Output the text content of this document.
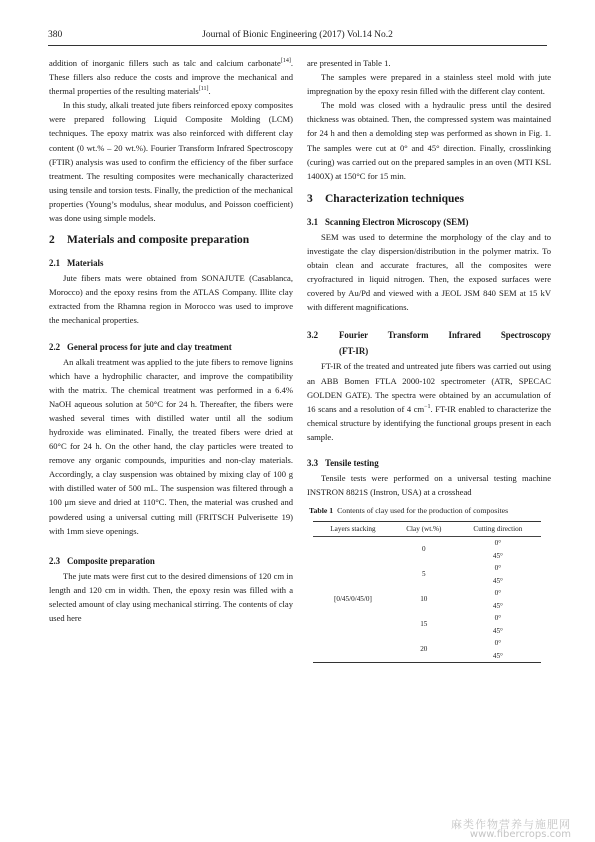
380	Journal of Bionic Engineering (2017) Vol.14 No.2

addition of inorganic fillers such as talc and calcium carbonate[14]. These fillers also reduce the costs and improve the mechanical and thermal properties of the resulting materials[11].

In this study, alkali treated jute fibers reinforced epoxy composites were prepared following Liquid Composite Molding (LCM) techniques. The epoxy matrix was also reinforced with different clay content (0 wt.% – 20 wt.%). Fourier Transform Infrared Spectroscopy (FTIR) analysis was used to confirm the efficiency of the fiber surface treatment. The resulting composites were mechanically characterized using tensile and torsion tests. Finally, the prediction of the mechanical properties (Young’s modulus, shear modulus, and Poisson coefficient) was done using simple models.

2 Materials and composite preparation
2.1 Materials

Jute fibers mats were obtained from SONAJUTE (Casablanca, Morocco) and the epoxy resins from the ATLAS Company. Illite clay extracted from the Rhamna region in Morocco was used to improve the mechanical properties.

2.2 General process for jute and clay treatment

An alkali treatment was applied to the jute fibers to remove lignins which have a hydrophilic character, and improve the compatibility with the matrix. The chemical treatment was performed in a 6.4% NaOH aqueous solution at 50°C for 24 h. Thereafter, the fibers were washed several times with distilled water until all the sodium hydroxide was eliminated. Finally, the treated fibers were dried at 60°C for 24 h. On the other hand, the clay particles were treated to remove any organic compounds, impurities and non-clay materials. Accordingly, a clay suspension was obtained by mixing clay of 100 g with distilled water of 500 mL. The suspension was filtered through a 100 μm sieve and dried at 110°C. Then, the material was crushed and powdered using a universal cutting mill (FRITSCH Pulverisette 19) with 1mm sieve openings.

2.3 Composite preparation

The jute mats were first cut to the desired dimensions of 120 cm in length and 120 cm in width. Then, the epoxy resin was filled with a selected amount of clay using mechanical stirring. The contents of clay used here

are presented in Table 1.

The samples were prepared in a stainless steel mold with jute impregnation by the epoxy resin filled with the different clay content.

The mold was closed with a hydraulic press until the desired thickness was obtained. Then, the compressed system was maintained for 24 h and then a demolding step was performed as shown in Fig. 1. The samples were cut at 0° and 45° direction. Finally, crosslinking (curing) was carried out on the prepared samples in an oven (MTI KSL 1400X) at 150°C for 15 min.

3 Characterization techniques
3.1 Scanning Electron Microscopy (SEM)

SEM was used to determine the morphology of the clay and to investigate the clay dispersion/distribution in the polymer matrix. To obtain clean and accurate fractures, all the composites were cryofractured in liquid nitrogen. Then, the exposed surfaces were covered by Au/Pd and viewed with a JEOL JSM 840 SEM at 15 kV with different magnifications.

3.2	Fourier Transform Infrared Spectroscopy
(FT-IR)

FT-IR of the treated and untreated jute fibers was carried out using an ABB Bomen FTLA 2000-102 spectrometer (ATR, SPECAC GOLDEN GATE). The spectra were obtained by an accumulation of 16 scans and a resolution of 4 $cm^{-1}$. FT-IR enabled to characterize the chemical structure by identifying the functional groups present in each sample.

3.3 Tensile testing

Tensile tests were performed on a universal testing machine INSTRON 8821S (Instron, USA) at a crosshead

Table 1 Contents of clay used for the production of composites
Layers stacking	Clay (wt.%)	Cutting direction
[0/45/0/45/0]	0	0°
45°

	5	0°
45°

	10	0°
45°

	15	0°
45°

	20	0°
45°
麻类作物营养与施肥网
www.fibercrops.com
